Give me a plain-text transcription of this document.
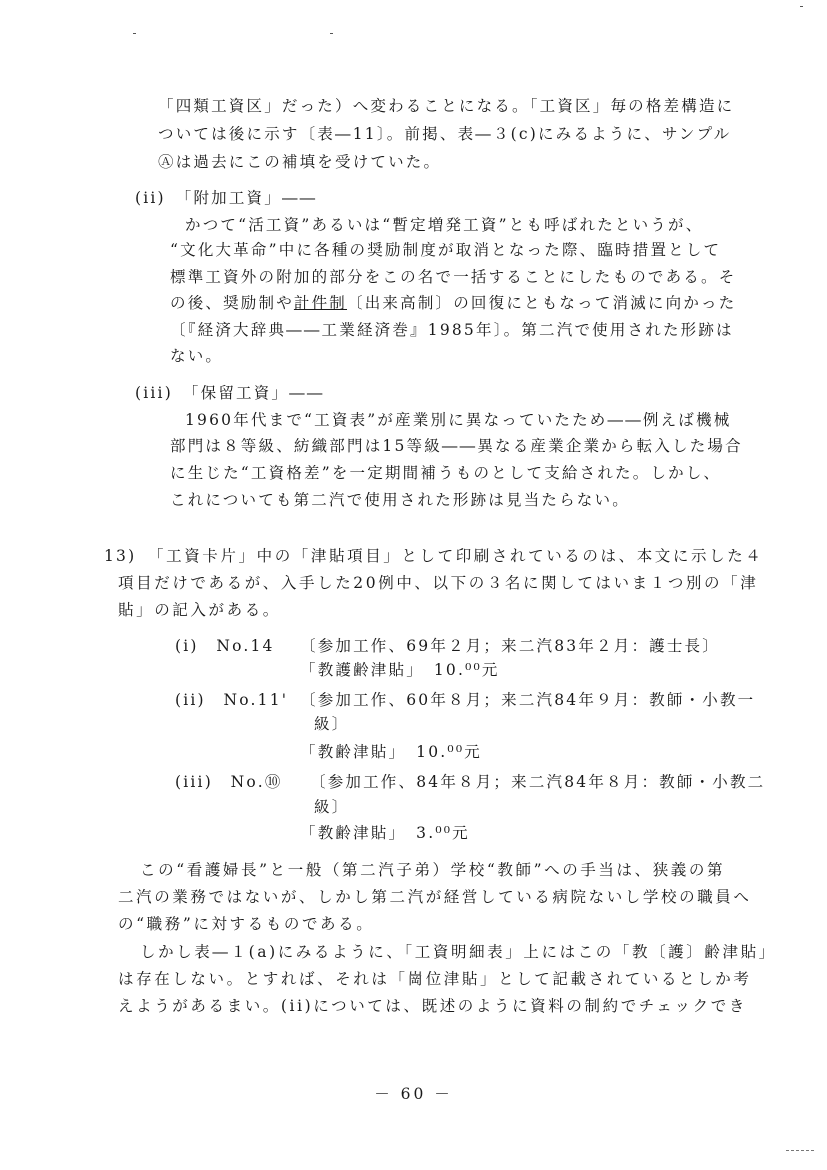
「四類工資区」だった）へ変わることになる。「工資区」毎の格差構造に
ついては後に示す〔表―11〕。前掲、表―３(c)にみるように、サンプル
Ⓐは過去にこの補填を受けていた。
(ii)　「附加工資」――
かつて“活工資”あるいは“暫定増発工資”とも呼ばれたというが、
“文化大革命”中に各種の奨励制度が取消となった際、臨時措置として
標準工資外の附加的部分をこの名で一括することにしたものである。そ
の後、奨励制や計件制〔出来高制〕の回復にともなって消滅に向かった
〔『経済大辞典――工業経済巻』1985年〕。第二汽で使用された形跡は
ない。
(iii)　「保留工資」――
1960年代まで“工資表”が産業別に異なっていたため――例えば機械
部門は８等級、紡織部門は15等級――異なる産業企業から転入した場合
に生じた“工資格差”を一定期間補うものとして支給された。しかし、
これについても第二汽で使用された形跡は見当たらない。
13) 「工資卡片」中の「津貼項目」として印刷されているのは、本文に示した４
項目だけであるが、入手した20例中、以下の３名に関してはいま１つ別の「津
貼」の記入がある。
(i)　No.14 〔参加工作、69年２月；来二汽83年２月：護士長〕
「教護齢津貼」　10.⁰⁰元
(ii)　No.11' 〔参加工作、60年８月；来二汽84年９月：教師・小教一
級〕
「教齢津貼」　10.⁰⁰元
(iii)　No.⑩ 〔参加工作、84年８月；来二汽84年８月：教師・小教二
級〕
「教齢津貼」　3.⁰⁰元
この“看護婦長”と一般（第二汽子弟）学校“教師”への手当は、狭義の第
二汽の業務ではないが、しかし第二汽が経営している病院ないし学校の職員へ
の“職務”に対するものである。
しかし表―１(a)にみるように、「工資明細表」上にはこの「教〔護〕齢津貼」
は存在しない。とすれば、それは「崗位津貼」として記載されているとしか考
えようがあるまい。(ii)については、既述のように資料の制約でチェックでき
－ 60 －
